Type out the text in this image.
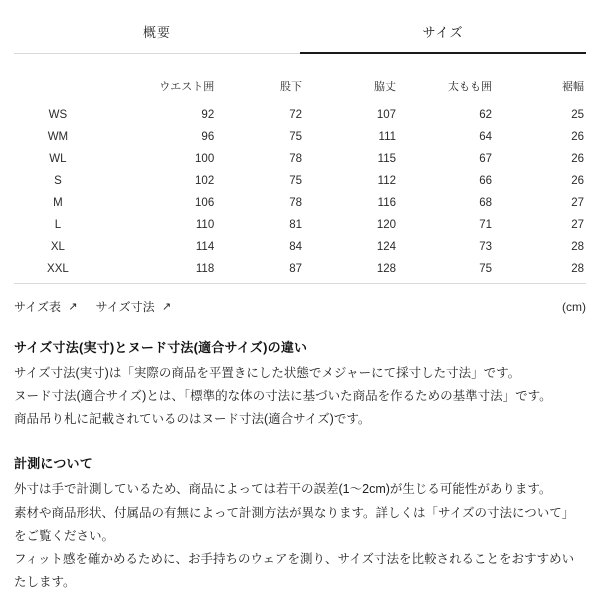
概要	サイズ
	ウエスト囲	股下	脇丈	太もも囲	裾幅
WS	92	72	107	62	25
WM	96	75	111	64	26
WL	100	78	115	67	26
S	102	75	112	66	26
M	106	78	116	68	27
L	110	81	120	71	27
XL	114	84	124	73	28
XXL	118	87	128	75	28
サイズ表 ↗ サイズ寸法 ↗	(cm)
サイズ寸法(実寸)とヌード寸法(適合サイズ)の違い

サイズ寸法(実寸)は「実際の商品を平置きにした状態でメジャーにて採寸した寸法」です。

ヌード寸法(適合サイズ)とは、「標準的な体の寸法に基づいた商品を作るための基準寸法」です。

商品吊り札に記載されているのはヌード寸法(適合サイズ)です。

計測について

外寸は手で計測しているため、商品によっては若干の誤差(1〜2cm)が生じる可能性があります。

素材や商品形状、付属品の有無によって計測方法が異なります。詳しくは「サイズの寸法について」をご覧ください。

フィット感を確かめるために、お手持ちのウェアを測り、サイズ寸法を比較されることをおすすめいたします。
